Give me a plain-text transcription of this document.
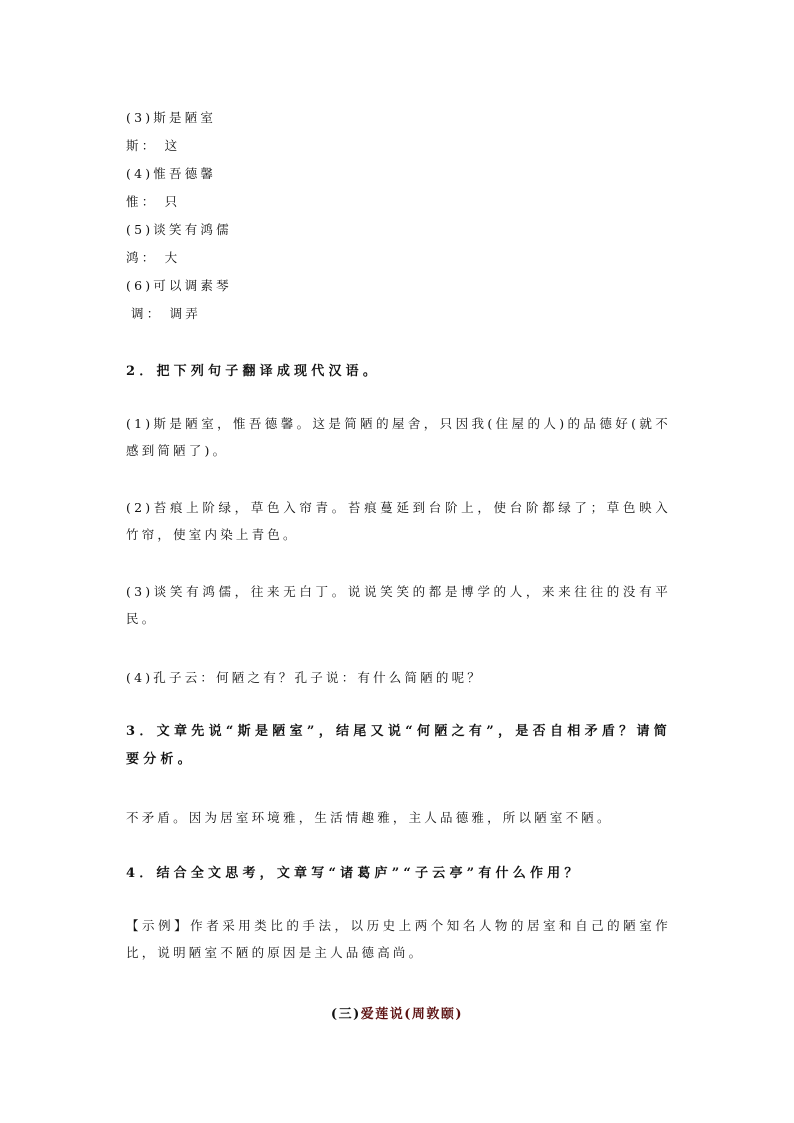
(3)斯是陋室
斯： 这
(4)惟吾德馨
惟： 只
(5)谈笑有鸿儒
鸿： 大
(6)可以调素琴
调： 调弄
2．把下列句子翻译成现代汉语。
(1)斯是陋室，惟吾德馨。这是简陋的屋舍，只因我(住屋的人)的品德好(就不感到简陋了)。
(2)苔痕上阶绿，草色入帘青。苔痕蔓延到台阶上，使台阶都绿了；草色映入竹帘，使室内染上青色。
(3)谈笑有鸿儒，往来无白丁。说说笑笑的都是博学的人，来来往往的没有平民。
(4)孔子云：何陋之有？孔子说：有什么简陋的呢？
3．文章先说“斯是陋室”，结尾又说“何陋之有”，是否自相矛盾？请简要分析。
不矛盾。因为居室环境雅，生活情趣雅，主人品德雅，所以陋室不陋。
4．结合全文思考，文章写“诸葛庐”“子云亭”有什么作用？
【示例】作者采用类比的手法，以历史上两个知名人物的居室和自己的陋室作比，说明陋室不陋的原因是主人品德高尚。
(三)爱莲说(周敦颐)
